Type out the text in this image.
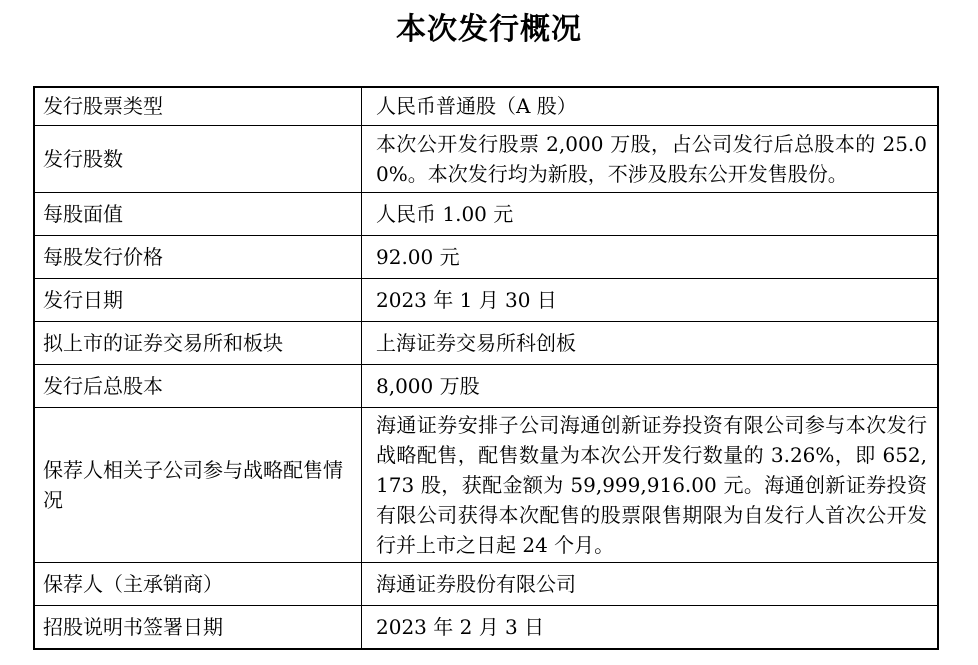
本次发行概况
发行股票类型	人民币普通股（A 股）
发行股数	本次公开发行股票 2,000 万股，占公司发行后总股本的 25.00%。本次发行均为新股，不涉及股东公开发售股份。
每股面值	人民币 1.00 元
每股发行价格	92.00 元
发行日期	2023 年 1 月 30 日
拟上市的证券交易所和板块	上海证券交易所科创板
发行后总股本	8,000 万股
保荐人相关子公司参与战略配售情况	海通证券安排子公司海通创新证券投资有限公司参与本次发行战略配售，配售数量为本次公开发行数量的 3.26%，即 652,173 股，获配金额为 59,999,916.00 元。海通创新证券投资有限公司获得本次配售的股票限售期限为自发行人首次公开发行并上市之日起 24 个月。
保荐人（主承销商）	海通证券股份有限公司
招股说明书签署日期	2023 年 2 月 3 日
